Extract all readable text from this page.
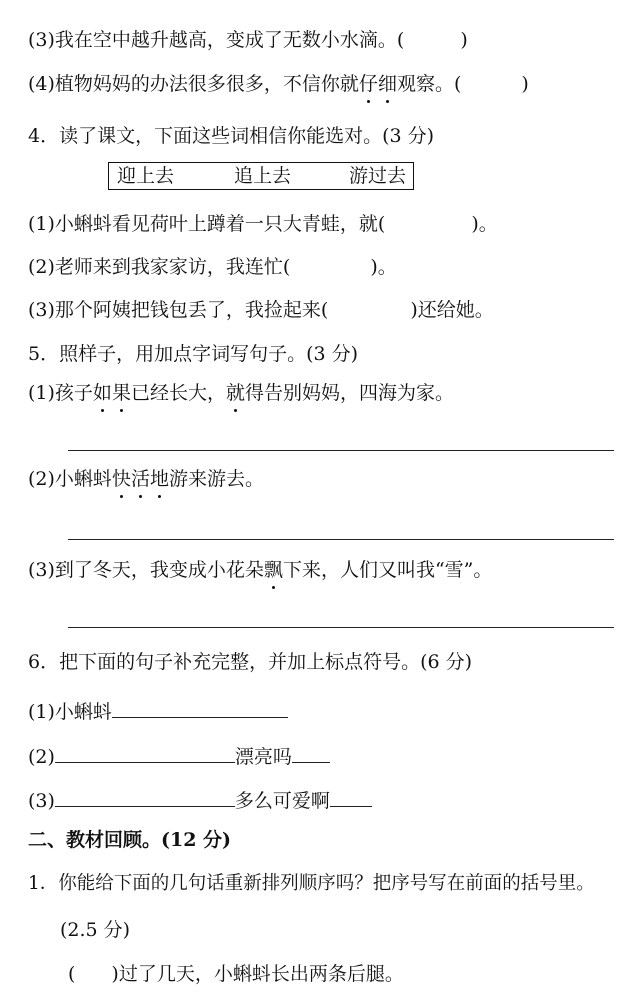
(3)我在空中越升越高，变成了无数小水滴。(	)
(4)植物妈妈的办法很多很多，不信你就仔细观察。(	)
4．读了课文，下面这些词相信你能选对。(3 分)
迎上去	追上去	游过去
(1)小蝌蚪看见荷叶上蹲着一只大青蛙，就(	)。
(2)老师来到我家家访，我连忙(	)。
(3)那个阿姨把钱包丢了，我捡起来(	)还给她。
5．照样子，用加点字词写句子。(3 分)
(1)孩子如果已经长大，就得告别妈妈，四海为家。
(2)小蝌蚪快活地游来游去。
(3)到了冬天，我变成小花朵飘下来，人们又叫我“雪”。
6．把下面的句子补充完整，并加上标点符号。(6 分)
(1)小蝌蚪
(2)	漂亮吗
(3)	多么可爱啊
二、教材回顾。(12 分)
1．你能给下面的几句话重新排列顺序吗？把序号写在前面的括号里。
(2.5 分)
( )过了几天，小蝌蚪长出两条后腿。
